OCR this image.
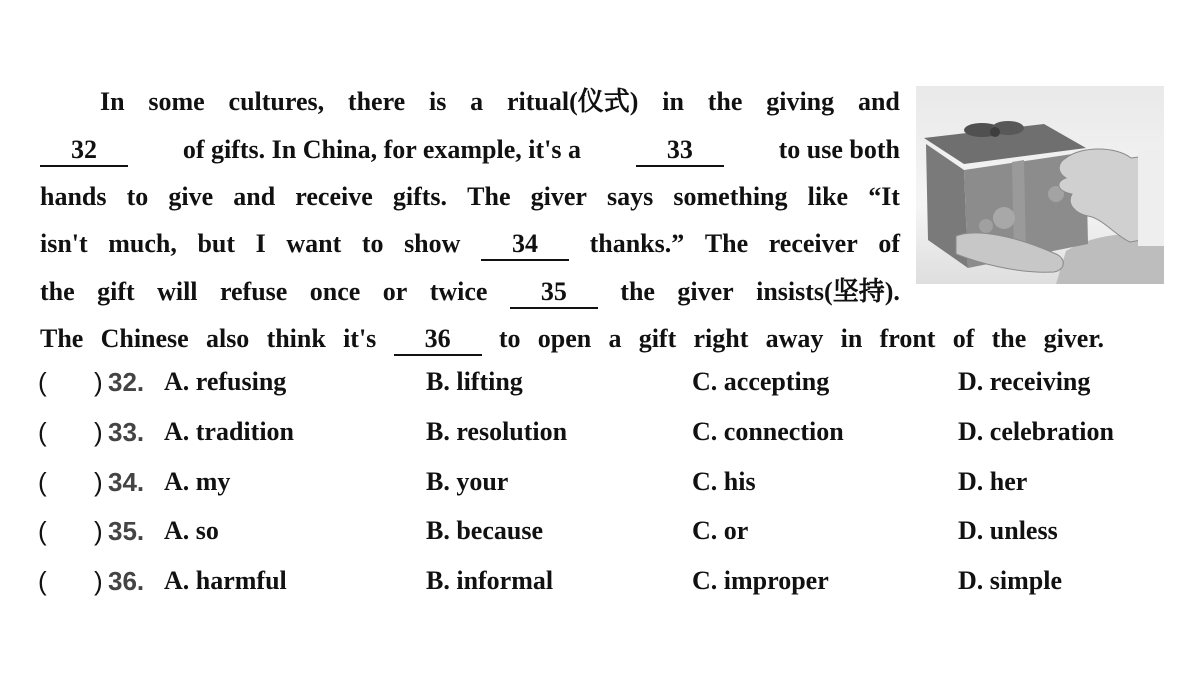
In some cultures, there is a ritual(仪式) in the giving and
32	of gifts. In China, for example, it's a	33	to use both
hands to give and receive gifts. The giver says something like “It
isn't much, but I want to show	34	thanks.” The receiver of
the gift will refuse once or twice	35	the giver insists(坚持).
The Chinese also think it's	36	to open a gift right away in front of the giver.
( ) 32. A. refusing	B. lifting	C. accepting	D. receiving
( ) 33. A. tradition	B. resolution	C. connection	D. celebration
( ) 34. A. my	B. your	C. his	D. her
( ) 35. A. so	B. because	C. or	D. unless
( ) 36. A. harmful	B. informal	C. improper	D. simple
